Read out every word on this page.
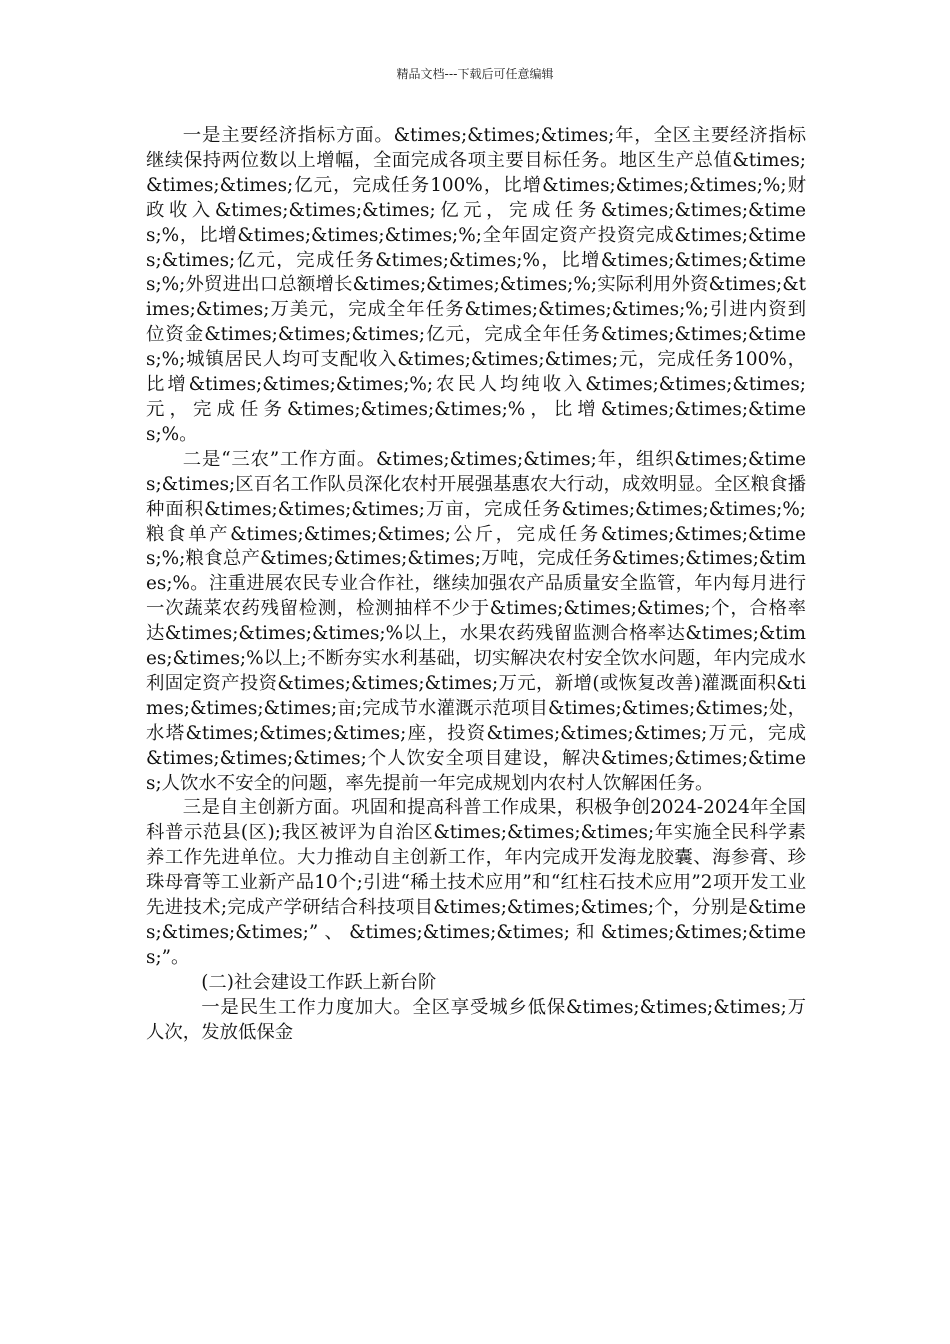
精品文档---下载后可任意编辑

一是主要经济指标方面。&times;&times;&times;年，全区主要经济指标继续保持两位数以上增幅，全面完成各项主要目标任务。地区生产总值&times;&times;&times;亿元，完成任务100%，比增&times;&times;&times;%;财政收入&times;&times;&times;亿元，完成任务&times;&times;&times;%，比增&times;&times;&times;%;全年固定资产投资完成&times;&times;&times;亿元，完成任务&times;&times;%，比增&times;&times;&times;%;外贸进出口总额增长&times;&times;&times;%;实际利用外资&times;&times;&times;万美元，完成全年任务&times;&times;&times;%;引进内资到位资金&times;&times;&times;亿元，完成全年任务&times;&times;&times;%;城镇居民人均可支配收入&times;&times;&times;元，完成任务100%，比增&times;&times;&times;%;农民人均纯收入&times;&times;&times;元，完成任务&times;&times;&times;%，比增&times;&times;&times;%。

二是“三农”工作方面。&times;&times;&times;年，组织&times;&times;&times;区百名工作队员深化农村开展强基惠农大行动，成效明显。全区粮食播种面积&times;&times;&times;万亩，完成任务&times;&times;&times;%;粮食单产&times;&times;&times;公斤，完成任务&times;&times;&times;%;粮食总产&times;&times;&times;万吨，完成任务&times;&times;&times;%。注重进展农民专业合作社，继续加强农产品质量安全监管，年内每月进行一次蔬菜农药残留检测，检测抽样不少于&times;&times;&times;个，合格率达&times;&times;&times;%以上，水果农药残留监测合格率达&times;&times;&times;%以上;不断夯实水利基础，切实解决农村安全饮水问题，年内完成水利固定资产投资&times;&times;&times;万元，新增(或恢复改善)灌溉面积&times;&times;&times;亩;完成节水灌溉示范项目&times;&times;&times;处，水塔&times;&times;&times;座，投资&times;&times;&times;万元，完成&times;&times;&times;个人饮安全项目建设，解决&times;&times;&times;人饮水不安全的问题，率先提前一年完成规划内农村人饮解困任务。

三是自主创新方面。巩固和提高科普工作成果，积极争创2024-2024年全国科普示范县(区);我区被评为自治区&times;&times;&times;年实施全民科学素养工作先进单位。大力推动自主创新工作，年内完成开发海龙胶囊、海参膏、珍珠母膏等工业新产品10个;引进“稀土技术应用”和“红柱石技术应用”2项开发工业先进技术;完成产学研结合科技项目&times;&times;&times;个，分别是&times;&times;&times;”、&times;&times;&times;和&times;&times;&times;”。

(二)社会建设工作跃上新台阶

一是民生工作力度加大。全区享受城乡低保&times;&times;&times;万人次，发放低保金
